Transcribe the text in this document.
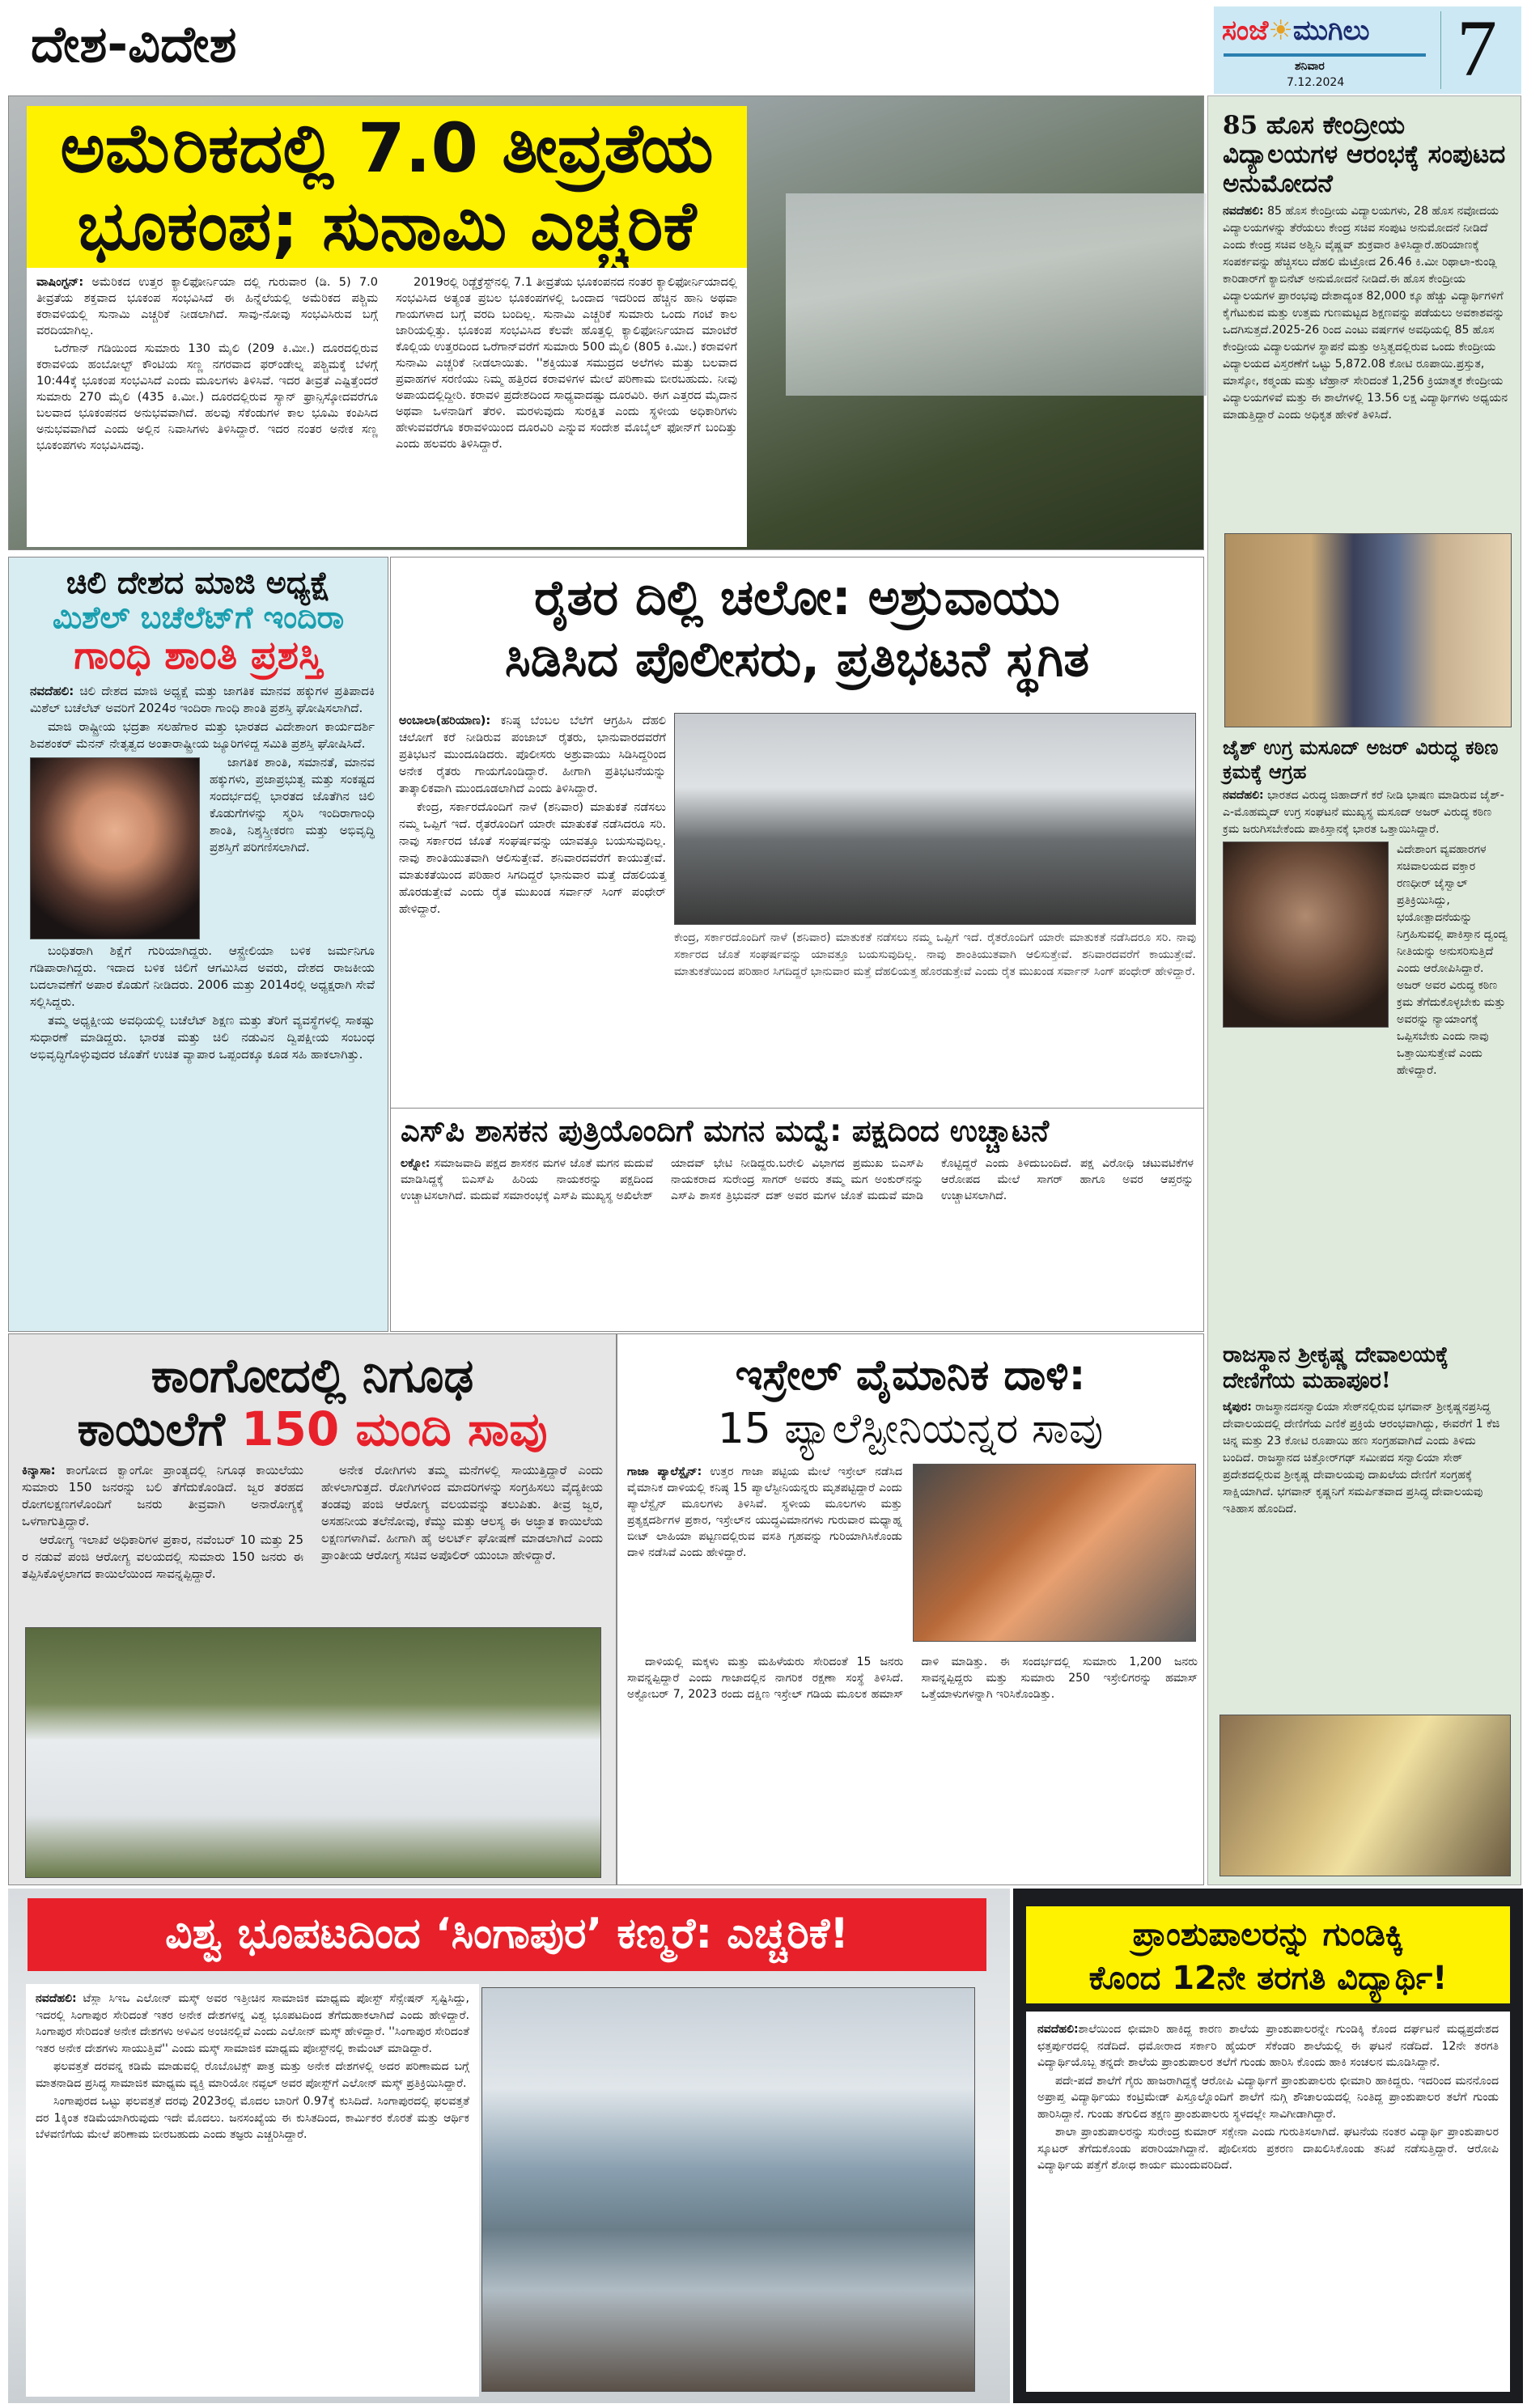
ದೇಶ-ವಿದೇಶ	ಸಂಜೆ☀ಮುಗಿಲು
ಶನಿವಾರ
7.12.2024 7
ಅಮೆರಿಕದಲ್ಲಿ 7.0 ತೀವ್ರತೆಯ
ಭೂಕಂಪ; ಸುನಾಮಿ ಎಚ್ಚರಿಕೆ

ವಾಷಿಂಗ್ಟನ್: ಅಮೆರಿಕದ ಉತ್ತರ ಕ್ಯಾಲಿಫೋರ್ನಿಯಾ ದಲ್ಲಿ ಗುರುವಾರ (ಡಿ. 5) 7.0 ತೀವ್ರತೆಯ ಶಕ್ತವಾದ ಭೂಕಂಪ ಸಂಭವಿಸಿದೆ ಈ ಹಿನ್ನೆಲೆಯಲ್ಲಿ ಅಮೆರಿಕದ ಪಶ್ಚಿಮ ಕರಾವಳಿಯಲ್ಲಿ ಸುನಾಮಿ ಎಚ್ಚರಿಕೆ ನೀಡಲಾಗಿದೆ. ಸಾವು-ನೋವು ಸಂಭವಿಸಿರುವ ಬಗ್ಗೆ ವರದಿಯಾಗಿಲ್ಲ.

ಒರೆಗಾನ್ ಗಡಿಯಿಂದ ಸುಮಾರು 130 ಮೈಲಿ (209 ಕಿ.ಮೀ.) ದೂರದಲ್ಲಿರುವ ಕರಾವಳಿಯ ಹಂಬೋಲ್ಟ್ ಕೌಂಟಿಯ ಸಣ್ಣ ನಗರವಾದ ಫರ್‌ಂಡೇಲ್ನ ಪಶ್ಚಿಮಕ್ಕೆ ಬೆಳಗ್ಗೆ 10:44ಕ್ಕೆ ಭೂಕಂಪ ಸಂಭವಿಸಿದೆ ಎಂದು ಮೂಲಗಳು ತಿಳಿಸಿವೆ. ಇದರ ತೀವ್ರತೆ ಎಷ್ಟಿತ್ತೆಂದರೆ ಸುಮಾರು 270 ಮೈಲಿ (435 ಕಿ.ಮೀ.) ದೂರದಲ್ಲಿರುವ ಸ್ಯಾನ್ ಫ್ರಾನ್ಸಿಸ್ಕೋದವರೆಗೂ ಬಲವಾದ ಭೂಕಂಪನದ ಅನುಭವವಾಗಿದೆ. ಹಲವು ಸೆಕೆಂಡುಗಳ ಕಾಲ ಭೂಮಿ ಕಂಪಿಸಿದ ಅನುಭವವಾಗಿದೆ ಎಂದು ಅಲ್ಲಿನ ನಿವಾಸಿಗಳು ತಿಳಿಸಿದ್ದಾರೆ. ಇದರ ನಂತರ ಅನೇಕ ಸಣ್ಣ ಭೂಕಂಪಗಳು ಸಂಭವಿಸಿದವು.

2019ರಲ್ಲಿ ರಿಡ್ಜೆಕ್ರೆಸ್ಟ್‌ನಲ್ಲಿ 7.1 ತೀವ್ರತೆಯ ಭೂಕಂಪನದ ನಂತರ ಕ್ಯಾಲಿಫೋರ್ನಿಯಾದಲ್ಲಿ ಸಂಭವಿಸಿದ ಅತ್ಯಂತ ಪ್ರಬಲ ಭೂಕಂಪಗಳಲ್ಲಿ ಒಂದಾದ ಇದರಿಂದ ಹೆಚ್ಚಿನ ಹಾನಿ ಅಥವಾ ಗಾಯಗಳಾದ ಬಗ್ಗೆ ವರದಿ ಬಂದಿಲ್ಲ. ಸುನಾಮಿ ಎಚ್ಚರಿಕೆ ಸುಮಾರು ಒಂದು ಗಂಟೆ ಕಾಲ ಜಾರಿಯಲ್ಲಿತ್ತು. ಭೂಕಂಪ ಸಂಭವಿಸಿದ ಕೆಲವೇ ಹೊತ್ತಲ್ಲಿ ಕ್ಯಾಲಿಫೋರ್ನಿಯಾದ ಮಾಂಟೆರೆ ಕೊಲ್ಲಿಯ ಉತ್ತರದಿಂದ ಒರೆಗಾನ್‌ವರೆಗೆ ಸುಮಾರು 500 ಮೈಲಿ (805 ಕಿ.ಮೀ.) ಕರಾವಳಿಗೆ ಸುನಾಮಿ ಎಚ್ಚರಿಕೆ ನೀಡಲಾಯಿತು. ''ಶಕ್ತಿಯುತ ಸಮುದ್ರದ ಅಲೆಗಳು ಮತ್ತು ಬಲವಾದ ಪ್ರವಾಹಗಳ ಸರಣಿಯು ನಿಮ್ಮ ಹತ್ತಿರದ ಕರಾವಳಿಗಳ ಮೇಲೆ ಪರಿಣಾಮ ಬೀರಬಹುದು. ನೀವು ಅಪಾಯದಲ್ಲಿದ್ದೀರಿ. ಕರಾವಳಿ ಪ್ರದೇಶದಿಂದ ಸಾಧ್ಯವಾದಷ್ಟು ದೂರವಿರಿ. ಈಗ ಎತ್ತರದ ಮೈದಾನ ಅಥವಾ ಒಳನಾಡಿಗೆ ತೆರಳಿ. ಮರಳುವುದು ಸುರಕ್ಷಿತ ಎಂದು ಸ್ಥಳೀಯ ಅಧಿಕಾರಿಗಳು ಹೇಳುವವರೆಗೂ ಕರಾವಳಿಯಿಂದ ದೂರವಿರಿ ಎನ್ನುವ ಸಂದೇಶ ಮೊಬೈಲ್ ಫೋನ್‌ಗೆ ಬಂದಿತ್ತು ಎಂದು ಹಲವರು ತಿಳಿಸಿದ್ದಾರೆ.

85 ಹೊಸ ಕೇಂದ್ರೀಯ ವಿದ್ಯಾಲಯಗಳ ಆರಂಭಕ್ಕೆ ಸಂಪುಟದ ಅನುಮೋದನೆ
ನವದೆಹಲಿ: 85 ಹೊಸ ಕೇಂದ್ರೀಯ ವಿದ್ಯಾಲಯಗಳು, 28 ಹೊಸ ನವೋದಯ ವಿದ್ಯಾಲಯಗಳನ್ನು ತೆರೆಯಲು ಕೇಂದ್ರ ಸಚಿವ ಸಂಪುಟ ಅನುಮೋದನೆ ನೀಡಿದೆ ಎಂದು ಕೇಂದ್ರ ಸಚಿವ ಅಶ್ವಿನಿ ವೈಷ್ಣವ್ ಶುಕ್ರವಾರ ತಿಳಿಸಿದ್ದಾರೆ.ಹರಿಯಾಣಕ್ಕೆ ಸಂಪರ್ಕವನ್ನು ಹೆಚ್ಚಿಸಲು ದೆಹಲಿ ಮೆಟ್ರೋದ 26.46 ಕಿ.ಮೀ ರಿಥಾಲಾ-ಕುಂಡ್ಲಿ ಕಾರಿಡಾರ್‌ಗೆ ಕ್ಯಾಬಿನೆಟ್ ಅನುಮೋದನೆ ನೀಡಿದೆ.ಈ ಹೊಸ ಕೇಂದ್ರೀಯ ವಿದ್ಯಾಲಯಗಳ ಪ್ರಾರಂಭವು ದೇಶಾದ್ಯಂತ 82,000 ಕ್ಕೂ ಹೆಚ್ಚು ವಿದ್ಯಾರ್ಥಿಗಳಿಗೆ ಕೈಗೆಟುಕುವ ಮತ್ತು ಉತ್ತಮ ಗುಣಮಟ್ಟದ ಶಿಕ್ಷಣವನ್ನು ಪಡೆಯಲು ಅವಕಾಶವನ್ನು ಒದಗಿಸುತ್ತದೆ.2025-26 ರಿಂದ ಎಂಟು ವರ್ಷಗಳ ಅವಧಿಯಲ್ಲಿ 85 ಹೊಸ ಕೇಂದ್ರೀಯ ವಿದ್ಯಾಲಯಗಳ ಸ್ಥಾಪನೆ ಮತ್ತು ಅಸ್ತಿತ್ವದಲ್ಲಿರುವ ಒಂದು ಕೇಂದ್ರೀಯ ವಿದ್ಯಾಲಯದ ವಿಸ್ತರಣೆಗೆ ಒಟ್ಟು 5,872.08 ಕೋಟಿ ರೂಪಾಯಿ.ಪ್ರಸ್ತುತ, ಮಾಸ್ಕೋ, ಕಠ್ಮಂಡು ಮತ್ತು ಟೆಹ್ರಾನ್ ಸೇರಿದಂತೆ 1,256 ಕ್ರಿಯಾತ್ಮಕ ಕೇಂದ್ರೀಯ ವಿದ್ಯಾಲಯಗಳಿವೆ ಮತ್ತು ಈ ಶಾಲೆಗಳಲ್ಲಿ 13.56 ಲಕ್ಷ ವಿದ್ಯಾರ್ಥಿಗಳು ಅಧ್ಯಯನ ಮಾಡುತ್ತಿದ್ದಾರೆ ಎಂದು ಅಧಿಕೃತ ಹೇಳಿಕೆ ತಿಳಿಸಿದೆ.
ಜೈಶ್ ಉಗ್ರ ಮಸೂದ್ ಅಜರ್ ವಿರುದ್ಧ ಕಠಿಣ ಕ್ರಮಕ್ಕೆ ಆಗ್ರಹ
ನವದೆಹಲಿ: ಭಾರತದ ವಿರುದ್ಧ ಜಿಹಾದ್‌ಗೆ ಕರೆ ನೀಡಿ ಭಾಷಣ ಮಾಡಿರುವ ಜೈಶ್-ಎ-ಮೊಹಮ್ಮದ್ ಉಗ್ರ ಸಂಘಟನೆ ಮುಖ್ಯಸ್ಥ ಮಸೂದ್ ಅಜರ್ ವಿರುದ್ಧ ಕಠಿಣ ಕ್ರಮ ಜರುಗಿಸಬೇಕೆಂದು ಪಾಕಿಸ್ತಾನಕ್ಕೆ ಭಾರತ ಒತ್ತಾಯಿಸಿದ್ದಾರೆ.
ವಿದೇಶಾಂಗ ವ್ಯವಹಾರಗಳ ಸಚಿವಾಲಯದ ವಕ್ತಾರ ರಣಧೀರ್ ಜೈಸ್ವಾಲ್ ಪ್ರತಿಕ್ರಿಯಿಸಿದ್ದು, ಭಯೋತ್ಪಾದನೆಯನ್ನು ನಿಗ್ರಹಿಸುವಲ್ಲಿ ಪಾಕಿಸ್ತಾನ ದ್ವಂದ್ವ ನೀತಿಯನ್ನು ಅನುಸರಿಸುತ್ತಿದೆ ಎಂದು ಆರೋಪಿಸಿದ್ದಾರೆ. ಅಜರ್ ಅವರ ವಿರುದ್ಧ ಕಠಿಣ ಕ್ರಮ ತೆಗೆದುಕೊಳ್ಳಬೇಕು ಮತ್ತು ಅವರನ್ನು ನ್ಯಾಯಾಂಗಕ್ಕೆ ಒಪ್ಪಿಸಬೇಕು ಎಂದು ನಾವು ಒತ್ತಾಯಿಸುತ್ತೇವೆ ಎಂದು ಹೇಳಿದ್ದಾರೆ.
ರಾಜಸ್ಥಾನ ಶ್ರೀಕೃಷ್ಣ ದೇವಾಲಯಕ್ಕೆ ದೇಣಿಗೆಯ ಮಹಾಪೂರ!
ಜೈಪುರ: ರಾಜಸ್ಥಾನದಸನ್ವಾಲಿಯಾ ಸೇಠ್‌ನಲ್ಲಿರುವ ಭಗವಾನ್ ಶ್ರೀಕೃಷ್ಣನಪ್ರಸಿದ್ಧ ದೇವಾಲಯದಲ್ಲಿ ದೇಣಿಗೆಯ ಎಣಿಕೆ ಪ್ರಕ್ರಿಯೆ ಆರಂಭವಾಗಿದ್ದು, ಈವರೆಗೆ 1 ಕೆಜಿ ಚಿನ್ನ ಮತ್ತು 23 ಕೋಟಿ ರೂಪಾಯಿ ಹಣ ಸಂಗ್ರಹವಾಗಿದೆ ಎಂದು ತಿಳಿದು ಬಂದಿದೆ. ರಾಜಸ್ಥಾನದ ಚಿತ್ತೋರ್‌ಗಢ್ ಸಮೀಪದ ಸನ್ವಾಲಿಯಾ ಸೇಠ್ ಪ್ರದೇಶದಲ್ಲಿರುವ ಶ್ರೀಕೃಷ್ಣ ದೇವಾಲಯವು ದಾಖಲೆಯ ದೇಣಿಗೆ ಸಂಗ್ರಹಕ್ಕೆ ಸಾಕ್ಷಿಯಾಗಿದೆ. ಭಗವಾನ್ ಕೃಷ್ಣನಿಗೆ ಸಮರ್ಪಿತವಾದ ಪ್ರಸಿದ್ಧ ದೇವಾಲಯವು ಇತಿಹಾಸ ಹೊಂದಿದೆ.
ಚಿಲಿ ದೇಶದ ಮಾಜಿ ಅಧ್ಯಕ್ಷೆ
ಮಿಶೆಲ್ ಬಚೆಲೆಟ್‌ಗೆ ಇಂದಿರಾ
ಗಾಂಧಿ ಶಾಂತಿ ಪ್ರಶಸ್ತಿ

ನವದೆಹಲಿ: ಚಿಲಿ ದೇಶದ ಮಾಜಿ ಅಧ್ಯಕ್ಷೆ ಮತ್ತು ಜಾಗತಿಕ ಮಾನವ ಹಕ್ಕುಗಳ ಪ್ರತಿಪಾದಕಿ ಮಿಶೆಲ್ ಬಚೆಲೆಟ್ ಅವರಿಗೆ 2024ರ ಇಂದಿರಾ ಗಾಂಧಿ ಶಾಂತಿ ಪ್ರಶಸ್ತಿ ಘೋಷಿಸಲಾಗಿದೆ.

ಮಾಜಿ ರಾಷ್ಟ್ರೀಯ ಭದ್ರತಾ ಸಲಹೆಗಾರ ಮತ್ತು ಭಾರತದ ವಿದೇಶಾಂಗ ಕಾರ್ಯದರ್ಶಿ ಶಿವಶಂಕರ್ ಮೆನನ್ ನೇತೃತ್ವದ ಅಂತಾರಾಷ್ಟ್ರೀಯ ಜ್ಯೂರಿಗಳಿದ್ದ ಸಮಿತಿ ಪ್ರಶಸ್ತಿ ಘೋಷಿಸಿದೆ.

ಜಾಗತಿಕ ಶಾಂತಿ, ಸಮಾನತೆ, ಮಾನವ ಹಕ್ಕುಗಳು, ಪ್ರಜಾಪ್ರಭುತ್ವ ಮತ್ತು ಸಂಕಷ್ಟದ ಸಂದರ್ಭದಲ್ಲಿ ಭಾರತದ ಜೊತೆಗಿನ ಚಿಲಿ ಕೊಡುಗೆಗಳನ್ನು ಸ್ಮರಿಸಿ ಇಂದಿರಾಗಾಂಧಿ ಶಾಂತಿ, ನಿಶ್ಶಸ್ತ್ರೀಕರಣ ಮತ್ತು ಅಭಿವೃದ್ಧಿ ಪ್ರಶಸ್ತಿಗೆ ಪರಿಗಣಿಸಲಾಗಿದೆ.

ಬಂಧಿತರಾಗಿ ಶಿಕ್ಷೆಗೆ ಗುರಿಯಾಗಿದ್ದರು. ಆಸ್ಟ್ರೇಲಿಯಾ ಬಳಿಕ ಜರ್ಮನಿಗೂ ಗಡಿಪಾರಾಗಿದ್ದರು. ಇದಾದ ಬಳಿಕ ಚಿಲಿಗೆ ಆಗಮಿಸಿದ ಅವರು, ದೇಶದ ರಾಜಕೀಯ ಬದಲಾವಣೆಗೆ ಅಪಾರ ಕೊಡುಗೆ ನೀಡಿದರು. 2006 ಮತ್ತು 2014ರಲ್ಲಿ ಅಧ್ಯಕ್ಷರಾಗಿ ಸೇವೆ ಸಲ್ಲಿಸಿದ್ದರು.

ತಮ್ಮ ಅಧ್ಯಕ್ಷೀಯ ಅವಧಿಯಲ್ಲಿ ಬಚೆಲೆಟ್ ಶಿಕ್ಷಣ ಮತ್ತು ತೆರಿಗೆ ವ್ಯವಸ್ಥೆಗಳಲ್ಲಿ ಸಾಕಷ್ಟು ಸುಧಾರಣೆ ಮಾಡಿದ್ದರು. ಭಾರತ ಮತ್ತು ಚಿಲಿ ನಡುವಿನ ದ್ವಿಪಕ್ಷೀಯ ಸಂಬಂಧ ಅಭಿವೃದ್ಧಿಗೊಳ್ಳುವುದರ ಜೊತೆಗೆ ಉಚಿತ ವ್ಯಾಪಾರ ಒಪ್ಪಂದಕ್ಕೂ ಕೂಡ ಸಹಿ ಹಾಕಲಾಗಿತ್ತು.

ರೈತರ ದಿಲ್ಲಿ ಚಲೋ: ಅಶ್ರುವಾಯು
ಸಿಡಿಸಿದ ಪೊಲೀಸರು, ಪ್ರತಿಭಟನೆ ಸ್ಥಗಿತ

ಅಂಬಾಲಾ(ಹರಿಯಾಣ): ಕನಿಷ್ಠ ಬೆಂಬಲ ಬೆಲೆಗೆ ಆಗ್ರಹಿಸಿ ದೆಹಲಿ ಚಲೋಗೆ ಕರೆ ನೀಡಿರುವ ಪಂಜಾಬ್ ರೈತರು, ಭಾನುವಾರದವರೆಗೆ ಪ್ರತಿಭಟನೆ ಮುಂದೂಡಿದರು. ಪೊಲೀಸರು ಅಶ್ರುವಾಯು ಸಿಡಿಸಿದ್ದರಿಂದ ಅನೇಕ ರೈತರು ಗಾಯಗೊಂಡಿದ್ದಾರೆ. ಹೀಗಾಗಿ ಪ್ರತಿಭಟನೆಯನ್ನು ತಾತ್ಕಾಲಿಕವಾಗಿ ಮುಂದೂಡಲಾಗಿದೆ ಎಂದು ತಿಳಿಸಿದ್ದಾರೆ.

ಕೇಂದ್ರ, ಸರ್ಕಾರದೊಂದಿಗೆ ನಾಳೆ (ಶನಿವಾರ) ಮಾತುಕತೆ ನಡೆಸಲು ನಮ್ಮ ಒಪ್ಪಿಗೆ ಇದೆ. ರೈತರೊಂದಿಗೆ ಯಾರೇ ಮಾತುಕತೆ ನಡೆಸಿದರೂ ಸರಿ. ನಾವು ಸರ್ಕಾರದ ಜೊತೆ ಸಂಘರ್ಷವನ್ನು ಯಾವತ್ತೂ ಬಯಸುವುದಿಲ್ಲ. ನಾವು ಶಾಂತಿಯುತವಾಗಿ ಆಲಿಸುತ್ತೇವೆ. ಶನಿವಾರದವರೆಗೆ ಕಾಯುತ್ತೇವೆ. ಮಾತುಕತೆಯಿಂದ ಪರಿಹಾರ ಸಿಗದಿದ್ದರೆ ಭಾನುವಾರ ಮತ್ತೆ ದೆಹಲಿಯತ್ತ ಹೊರಡುತ್ತೇವೆ ಎಂದು ರೈತ ಮುಖಂಡ ಸರ್ವಾನ್ ಸಿಂಗ್ ಪಂಧೇರ್ ಹೇಳಿದ್ದಾರೆ.

ಕೇಂದ್ರ, ಸರ್ಕಾರದೊಂದಿಗೆ ನಾಳೆ (ಶನಿವಾರ) ಮಾತುಕತೆ ನಡೆಸಲು ನಮ್ಮ ಒಪ್ಪಿಗೆ ಇದೆ. ರೈತರೊಂದಿಗೆ ಯಾರೇ ಮಾತುಕತೆ ನಡೆಸಿದರೂ ಸರಿ. ನಾವು ಸರ್ಕಾರದ ಜೊತೆ ಸಂಘರ್ಷವನ್ನು ಯಾವತ್ತೂ ಬಯಸುವುದಿಲ್ಲ. ನಾವು ಶಾಂತಿಯುತವಾಗಿ ಆಲಿಸುತ್ತೇವೆ. ಶನಿವಾರದವರೆಗೆ ಕಾಯುತ್ತೇವೆ. ಮಾತುಕತೆಯಿಂದ ಪರಿಹಾರ ಸಿಗದಿದ್ದರೆ ಭಾನುವಾರ ಮತ್ತೆ ದೆಹಲಿಯತ್ತ ಹೊರಡುತ್ತೇವೆ ಎಂದು ರೈತ ಮುಖಂಡ ಸರ್ವಾನ್ ಸಿಂಗ್ ಪಂಧೇರ್ ಹೇಳಿದ್ದಾರೆ.
ಎಸ್‌ಪಿ ಶಾಸಕನ ಪುತ್ರಿಯೊಂದಿಗೆ ಮಗನ ಮದ್ವೆ: ಪಕ್ಷದಿಂದ ಉಚ್ಚಾಟನೆ

ಲಕ್ನೋ: ಸಮಾಜವಾದಿ ಪಕ್ಷದ ಶಾಸಕನ ಮಗಳ ಜೊತೆ ಮಗನ ಮದುವೆ ಮಾಡಿಸಿದ್ದಕ್ಕೆ ಬಿಎಸ್‌ಪಿ ಹಿರಿಯ ನಾಯಕರನ್ನು ಪಕ್ಷದಿಂದ ಉಚ್ಚಾಟಿಸಲಾಗಿದೆ. ಮದುವೆ ಸಮಾರಂಭಕ್ಕೆ ಎಸ್‌ಪಿ ಮುಖ್ಯಸ್ಥ ಅಖಿಲೇಶ್ ಯಾದವ್ ಭೇಟಿ ನೀಡಿದ್ದರು.ಬರೇಲಿ ವಿಭಾಗದ ಪ್ರಮುಖ ಬಿಎಸ್‌ಪಿ ನಾಯಕರಾದ ಸುರೇಂದ್ರ ಸಾಗರ್ ಅವರು ತಮ್ಮ ಮಗ ಅಂಕುರ್‌ನನ್ನು ಎಸ್‌ಪಿ ಶಾಸಕ ತ್ರಿಭುವನ್ ದತ್ ಅವರ ಮಗಳ ಜೊತೆ ಮದುವೆ ಮಾಡಿ ಕೊಟ್ಟಿದ್ದರೆ ಎಂದು ತಿಳಿದುಬಂದಿದೆ. ಪಕ್ಷ ವಿರೋಧಿ ಚಟುವಟಿಕೆಗಳ ಆರೋಪದ ಮೇಲೆ ಸಾಗರ್ ಹಾಗೂ ಅವರ ಆಪ್ತರನ್ನು ಉಚ್ಚಾಟಿಸಲಾಗಿದೆ.

ಕಾಂಗೋದಲ್ಲಿ ನಿಗೂಢ
ಕಾಯಿಲೆಗೆ 150 ಮಂದಿ ಸಾವು

ಕಿನ್ಶಾಸಾ: ಕಾಂಗೋದ ಕ್ವಾಂಗೋ ಪ್ರಾಂತ್ಯದಲ್ಲಿ ನಿಗೂಢ ಕಾಯಿಲೆಯು ಸುಮಾರು 150 ಜನರನ್ನು ಬಲಿ ತೆಗೆದುಕೊಂಡಿದೆ. ಜ್ವರ ತರಹದ ರೋಗಲಕ್ಷಣಗಳೊಂದಿಗೆ ಜನರು ತೀವ್ರವಾಗಿ ಅನಾರೋಗ್ಯಕ್ಕೆ ಒಳಗಾಗುತ್ತಿದ್ದಾರೆ.

ಆರೋಗ್ಯ ಇಲಾಖೆ ಅಧಿಕಾರಿಗಳ ಪ್ರಕಾರ, ನವೆಂಬರ್ 10 ಮತ್ತು 25 ರ ನಡುವೆ ಪಂಜಿ ಆರೋಗ್ಯ ವಲಯದಲ್ಲಿ ಸುಮಾರು 150 ಜನರು ಈ ತಪ್ಪಿಸಿಕೊಳ್ಳಲಾಗದ ಕಾಯಿಲೆಯಿಂದ ಸಾವನ್ನಪ್ಪಿದ್ದಾರೆ.

ಅನೇಕ ರೋಗಿಗಳು ತಮ್ಮ ಮನೆಗಳಲ್ಲಿ ಸಾಯುತ್ತಿದ್ದಾರೆ ಎಂದು ಹೇಳಲಾಗುತ್ತದೆ. ರೋಗಿಗಳಿಂದ ಮಾದರಿಗಳನ್ನು ಸಂಗ್ರಹಿಸಲು ವೈದ್ಯಕೀಯ ತಂಡವು ಪಂಜಿ ಆರೋಗ್ಯ ವಲಯವನ್ನು ತಲುಪಿತು. ತೀವ್ರ ಜ್ವರ, ಅಸಹನೀಯ ತಲೆನೋವು, ಕೆಮ್ಮು ಮತ್ತು ಆಲಸ್ಯ ಈ ಅಜ್ಞಾತ ಕಾಯಿಲೆಯ ಲಕ್ಷಣಗಳಾಗಿವೆ. ಹೀಗಾಗಿ ಹೈ ಅಲರ್ಟ್ ಘೋಷಣೆ ಮಾಡಲಾಗಿದೆ ಎಂದು ಪ್ರಾಂತೀಯ ಆರೋಗ್ಯ ಸಚಿವ ಅಪೊಲಿರ್ ಯುಂಬಾ ಹೇಳಿದ್ದಾರೆ.

ಇಸ್ರೇಲ್ ವೈಮಾನಿಕ ದಾಳಿ:
15 ಪ್ಯಾಲೆಸ್ಟೀನಿಯನ್ನರ ಸಾವು

ಗಾಜಾ ಪ್ಯಾಲೆಸ್ಟೈನ್: ಉತ್ತರ ಗಾಜಾ ಪಟ್ಟಿಯ ಮೇಲೆ ಇಸ್ರೇಲ್ ನಡೆಸಿದ ವೈಮಾನಿಕ ದಾಳಿಯಲ್ಲಿ ಕನಿಷ್ಠ 15 ಪ್ಯಾಲೆಸ್ಟೀನಿಯನ್ನರು ಮೃತಪಟ್ಟಿದ್ದಾರೆ ಎಂದು ಪ್ಯಾಲೆಸ್ಟೈನ್ ಮೂಲಗಳು ತಿಳಿಸಿವೆ. ಸ್ಥಳೀಯ ಮೂಲಗಳು ಮತ್ತು ಪ್ರತ್ಯಕ್ಷದರ್ಶಿಗಳ ಪ್ರಕಾರ, ಇಸ್ರೇಲ್‌ನ ಯುದ್ಧವಿಮಾನಗಳು ಗುರುವಾರ ಮಧ್ಯಾಹ್ನ ಬೀಟ್ ಲಾಹಿಯಾ ಪಟ್ಟಣದಲ್ಲಿರುವ ವಸತಿ ಗೃಹವನ್ನು ಗುರಿಯಾಗಿಸಿಕೊಂಡು ದಾಳಿ ನಡೆಸಿವೆ ಎಂದು ಹೇಳಿದ್ದಾರೆ.

ದಾಳಿಯಲ್ಲಿ ಮಕ್ಕಳು ಮತ್ತು ಮಹಿಳೆಯರು ಸೇರಿದಂತೆ 15 ಜನರು ಸಾವನ್ನಪ್ಪಿದ್ದಾರೆ ಎಂದು ಗಾಜಾದಲ್ಲಿನ ನಾಗರಿಕ ರಕ್ಷಣಾ ಸಂಸ್ಥೆ ತಿಳಿಸಿದೆ. ಅಕ್ಟೋಬರ್ 7, 2023 ರಂದು ದಕ್ಷಿಣ ಇಸ್ರೇಲ್ ಗಡಿಯ ಮೂಲಕ ಹಮಾಸ್ ದಾಳಿ ಮಾಡಿತ್ತು. ಈ ಸಂದರ್ಭದಲ್ಲಿ ಸುಮಾರು 1,200 ಜನರು ಸಾವನ್ನಪ್ಪಿದ್ದರು ಮತ್ತು ಸುಮಾರು 250 ಇಸ್ರೇಲಿಗರನ್ನು ಹಮಾಸ್ ಒತ್ತೆಯಾಳುಗಳನ್ನಾಗಿ ಇರಿಸಿಕೊಂಡಿತ್ತು.

ವಿಶ್ವ ಭೂಪಟದಿಂದ ‘ಸಿಂಗಾಪುರ’ ಕಣ್ಮರೆ: ಎಚ್ಚರಿಕೆ!

ನವದೆಹಲಿ: ಟೆಸ್ಲಾ ಸಿಇಒ ಎಲೋನ್ ಮಸ್ಕ್ ಅವರ ಇತ್ತೀಚಿನ ಸಾಮಾಜಿಕ ಮಾಧ್ಯಮ ಪೋಸ್ಟ್ ಸೆನ್ಸೇಷನ್ ಸೃಷ್ಟಿಸಿದ್ದು, ಇದರಲ್ಲಿ ಸಿಂಗಾಪುರ ಸೇರಿದಂತೆ ಇತರ ಅನೇಕ ದೇಶಗಳನ್ನ ವಿಶ್ವ ಭೂಪಟದಿಂದ ತೆಗೆದುಹಾಕಲಾಗಿದೆ ಎಂದು ಹೇಳಿದ್ದಾರೆ. ಸಿಂಗಾಪುರ ಸೇರಿದಂತೆ ಅನೇಕ ದೇಶಗಳು ಅಳಿವಿನ ಅಂಚಿನಲ್ಲಿವೆ ಎಂದು ಎಲೋನ್ ಮಸ್ಕ್ ಹೇಳಿದ್ದಾರೆ. ''ಸಿಂಗಾಪುರ ಸೇರಿದಂತೆ ಇತರ ಅನೇಕ ದೇಶಗಳು ಸಾಯುತ್ತಿವೆ'' ಎಂದು ಮಸ್ಕ್ ಸಾಮಾಜಿಕ ಮಾಧ್ಯಮ ಪೋಸ್ಟ್‌ನಲ್ಲಿ ಕಾಮೆಂಟ್ ಮಾಡಿದ್ದಾರೆ.

ಫಲವತ್ತತೆ ದರವನ್ನ ಕಡಿಮೆ ಮಾಡುವಲ್ಲಿ ರೊಬೊಟಿಕ್ಸ್ ಪಾತ್ರ ಮತ್ತು ಅನೇಕ ದೇಶಗಳಲ್ಲಿ ಅದರ ಪರಿಣಾಮದ ಬಗ್ಗೆ ಮಾತನಾಡಿದ ಪ್ರಸಿದ್ಧ ಸಾಮಾಜಿಕ ಮಾಧ್ಯಮ ವ್ಯಕ್ತಿ ಮಾರಿಯೋ ನವ್ಫಲ್ ಅವರ ಪೋಸ್ಟ್‌ಗೆ ಎಲೋನ್ ಮಸ್ಕ್ ಪ್ರತಿಕ್ರಿಯಿಸಿದ್ದಾರೆ.

ಸಿಂಗಾಪುರದ ಒಟ್ಟು ಫಲವತ್ತತೆ ದರವು 2023ರಲ್ಲಿ ಮೊದಲ ಬಾರಿಗೆ 0.97ಕ್ಕೆ ಕುಸಿದಿದೆ. ಸಿಂಗಾಪುರದಲ್ಲಿ ಫಲವತ್ತತೆ ದರ 1ಕ್ಕಿಂತ ಕಡಿಮೆಯಾಗಿರುವುದು ಇದೇ ಮೊದಲು. ಜನಸಂಖ್ಯೆಯ ಈ ಕುಸಿತದಿಂದ, ಕಾರ್ಮಿಕರ ಕೊರತೆ ಮತ್ತು ಆರ್ಥಿಕ ಬೆಳವಣಿಗೆಯ ಮೇಲೆ ಪರಿಣಾಮ ಬೀರಬಹುದು ಎಂದು ತಜ್ಞರು ಎಚ್ಚರಿಸಿದ್ದಾರೆ.

ಪ್ರಾಂಶುಪಾಲರನ್ನು ಗುಂಡಿಕ್ಕಿ
ಕೊಂದ 12ನೇ ತರಗತಿ ವಿದ್ಯಾರ್ಥಿ!

ನವದೆಹಲಿ:ಶಾಲೆಯಿಂದ ಛೀಮಾರಿ ಹಾಕಿದ್ದ ಕಾರಣ ಶಾಲೆಯ ಪ್ರಾಂಶುಪಾಲರನ್ನೇ ಗುಂಡಿಕ್ಕಿ ಕೊಂದ ದರ್ಘಟನೆ ಮಧ್ಯಪ್ರದೇಶದ ಛತ್ತರ್ಪುರದಲ್ಲಿ ನಡೆದಿದೆ. ಧಮೋರಾದ ಸರ್ಕಾರಿ ಹೈಯರ್ ಸೆಕೆಂಡರಿ ಶಾಲೆಯಲ್ಲಿ ಈ ಘಟನೆ ನಡೆದಿದೆ. 12ನೇ ತರಗತಿ ವಿದ್ಯಾರ್ಥಿಯೊಬ್ಬ ತನ್ನದೇ ಶಾಲೆಯ ಪ್ರಾಂಶುಪಾಲರ ತಲೆಗೆ ಗುಂಡು ಹಾರಿಸಿ ಕೊಂದು ಹಾಕಿ ಸಂಚಲನ ಮೂಡಿಸಿದ್ದಾನೆ.

ಪದೇ-ಪದೆ ಶಾಲೆಗೆ ಗೈರು ಹಾಜರಾಗಿದ್ದಕ್ಕೆ ಆರೋಪಿ ವಿದ್ಯಾರ್ಥಿಗೆ ಪ್ರಾಂಶುಪಾಲರು ಛೀಮಾರಿ ಹಾಕಿದ್ದರು. ಇದರಿಂದ ಮನನೊಂದ ಅಪ್ರಾಪ್ತ ವಿದ್ಯಾರ್ಥಿಯು ಕಂಟ್ರಿಮೇಡ್ ಪಿಸ್ತೂಲ್ನೊಂದಿಗೆ ಶಾಲೆಗೆ ನುಗ್ಗಿ ಶೌಚಾಲಯದಲ್ಲಿ ನಿಂತಿದ್ದ ಪ್ರಾಂಶುಪಾಲರ ತಲೆಗೆ ಗುಂಡು ಹಾರಿಸಿದ್ದಾನೆ. ಗುಂಡು ತಗುಲಿದ ತಕ್ಷಣ ಪ್ರಾಂಶುಪಾಲರು ಸ್ಥಳದಲ್ಲೇ ಸಾವಿಗೀಡಾಗಿದ್ದಾರೆ.

ಶಾಲಾ ಪ್ರಾಂಶುಪಾಲರನ್ನು ಸುರೇಂದ್ರ ಕುಮಾರ್ ಸಕ್ಸೇನಾ ಎಂದು ಗುರುತಿಸಲಾಗಿದೆ. ಘಟನೆಯ ನಂತರ ವಿದ್ಯಾರ್ಥಿ ಪ್ರಾಂಶುಪಾಲರ ಸ್ಕೂಟರ್ ತೆಗೆದುಕೊಂಡು ಪರಾರಿಯಾಗಿದ್ದಾನೆ. ಪೊಲೀಸರು ಪ್ರಕರಣ ದಾಖಲಿಸಿಕೊಂಡು ತನಿಖೆ ನಡೆಸುತ್ತಿದ್ದಾರೆ. ಆರೋಪಿ ವಿದ್ಯಾರ್ಥಿಯ ಪತ್ತೆಗೆ ಶೋಧ ಕಾರ್ಯ ಮುಂದುವರಿದಿದೆ.
